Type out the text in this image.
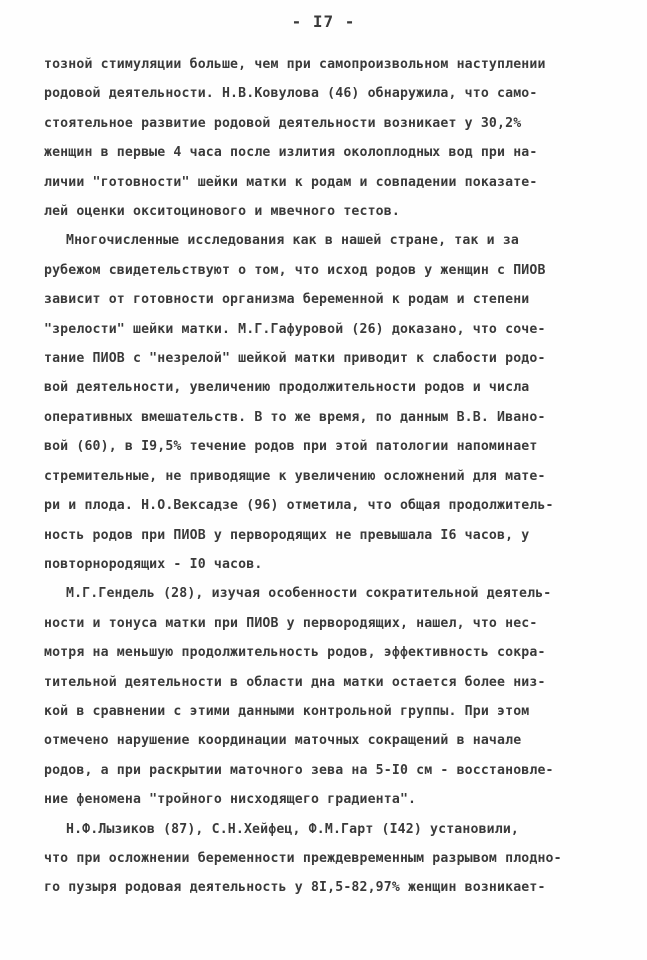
- I7 -
тозной стимуляции больше, чем при самопроизвольном наступлении
родовой деятельности. Н.В.Ковулова (46) обнаружила, что само-
стоятельное развитие родовой деятельности возникает у 30,2%
женщин в первые 4 часа после излития околоплодных вод при на-
личии "готовности" шейки матки к родам и совпадении показате-
лей оценки окситоцинового и мвечного тестов.
Многочисленные исследования как в нашей стране, так и за
рубежом свидетельствуют о том, что исход родов у женщин с ПИОВ
зависит от готовности организма беременной к родам и степени
"зрелости" шейки матки. М.Г.Гафуровой (26) доказано, что соче-
тание ПИОВ с "незрелой" шейкой матки приводит к слабости родо-
вой деятельности, увеличению продолжительности родов и числа
оперативных вмешательств. В то же время, по данным В.В. Ивано-
вой (60), в I9,5% течение родов при этой патологии напоминает
стремительные, не приводящие к увеличению осложнений для мате-
ри и плода. Н.О.Вексадзе (96) отметила, что общая продолжитель-
ность родов при ПИОВ у первородящих не превышала I6 часов, у
повторнородящих - I0 часов.
М.Г.Гендель (28), изучая особенности сократительной деятель-
ности и тонуса матки при ПИОВ у первородящих, нашел, что нес-
мотря на меньшую продолжительность родов, эффективность сокра-
тительной деятельности в области дна матки остается более низ-
кой в сравнении с этими данными контрольной группы. При этом
отмечено нарушение координации маточных сокращений в начале
родов, а при раскрытии маточного зева на 5-I0 см - восстановле-
ние феномена "тройного нисходящего градиента".
Н.Ф.Лызиков (87), С.Н.Хейфец, Ф.М.Гарт (I42) установили,
что при осложнении беременности преждевременным разрывом плодно-
го пузыря родовая деятельность у 8I,5-82,97% женщин возникает-
